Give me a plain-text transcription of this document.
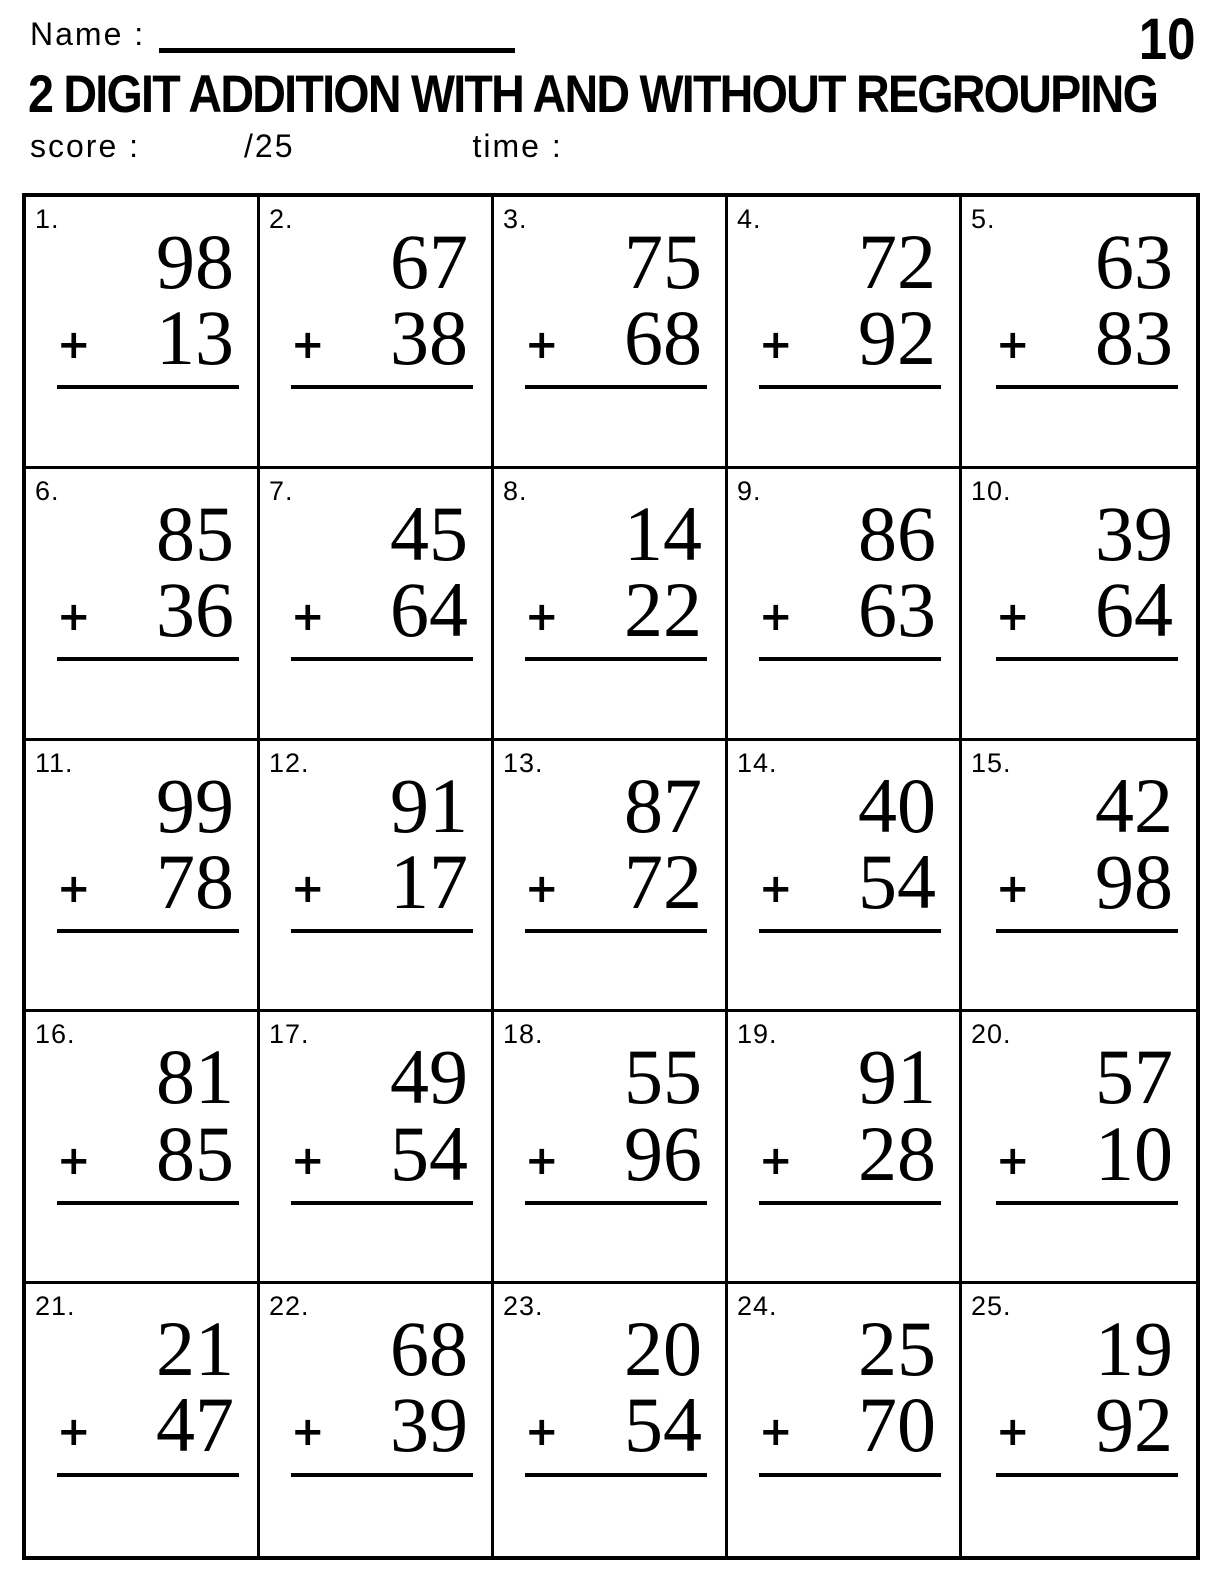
Name :	10
2 DIGIT ADDITION WITH AND WITHOUT REGROUPING
score :	/25	time :
1.	98
+ 13
2.	67
+ 38
3.	75
+ 68
4.	72
+ 92
5.	63
+ 83
6.	85
+ 36
7.	45
+ 64
8.	14
+ 22
9.	86
+ 63
10.	39
+ 64
11.	99
+ 78
12.	91
+ 17
13.	87
+ 72
14.	40
+ 54
15.	42
+ 98
16.	81
+ 85
17.	49
+ 54
18.	55
+ 96
19.	91
+ 28
20.	57
+ 10
21.	21
+ 47
22.	68
+ 39
23.	20
+ 54
24.	25
+ 70
25.	19
+ 92
